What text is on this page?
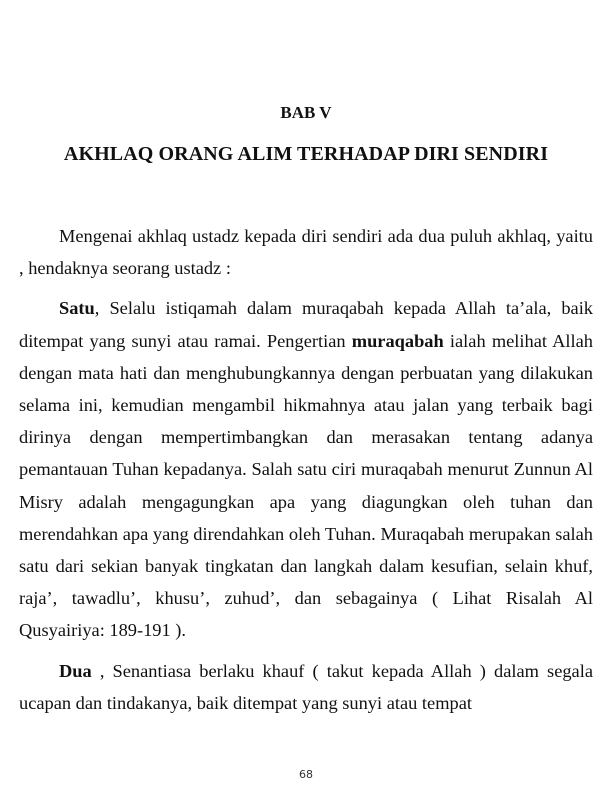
BAB V
AKHLAQ ORANG ALIM TERHADAP DIRI SENDIRI

Mengenai akhlaq ustadz kepada diri sendiri ada dua puluh akhlaq, yaitu , hendaknya seorang ustadz :

Satu, Selalu istiqamah dalam muraqabah kepada Allah ta’ala, baik ditempat yang sunyi atau ramai. Pengertian muraqabah ialah melihat Allah dengan mata hati dan menghubungkannya dengan perbuatan yang dilakukan selama ini, kemudian mengambil hikmahnya atau jalan yang terbaik bagi dirinya dengan mempertimbangkan dan merasakan tentang adanya pemantauan Tuhan kepadanya. Salah satu ciri muraqabah menurut Zunnun Al Misry adalah mengagungkan apa yang diagungkan oleh tuhan dan merendahkan apa yang direndahkan oleh Tuhan. Muraqabah merupakan salah satu dari sekian banyak tingkatan dan langkah dalam kesufian, selain khuf, raja’, tawadlu’, khusu’, zuhud’, dan sebagainya ( Lihat Risalah Al Qusyairiya: 189-191 ).

Dua , Senantiasa berlaku khauf ( takut kepada Allah ) dalam segala ucapan dan tindakanya, baik ditempat yang sunyi atau tempat

68
